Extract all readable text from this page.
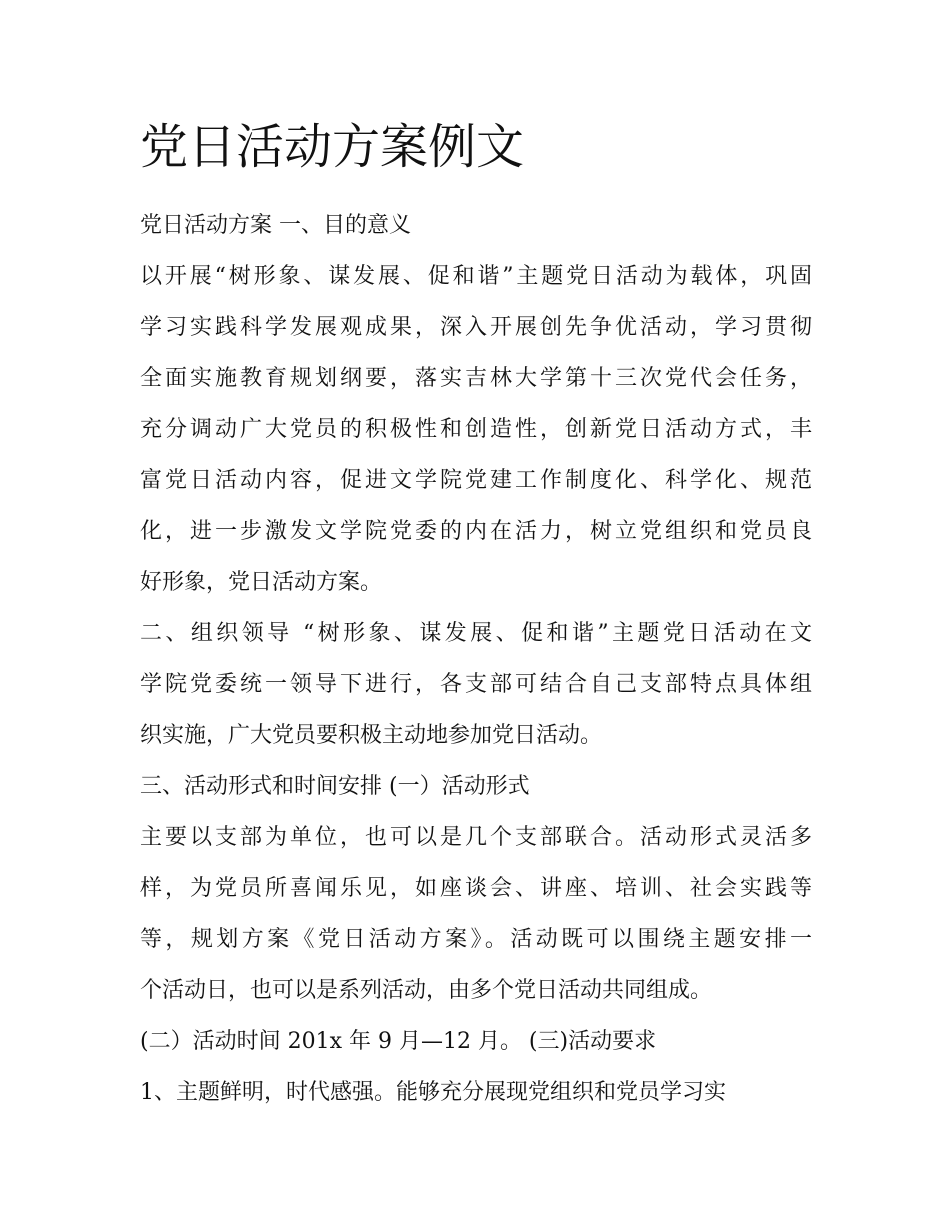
党日活动方案例文
党日活动方案 一、目的意义
以开展“树形象、谋发展、促和谐”主题党日活动为载体，巩固
学习实践科学发展观成果，深入开展创先争优活动，学习贯彻
全面实施教育规划纲要，落实吉林大学第十三次党代会任务，
充分调动广大党员的积极性和创造性，创新党日活动方式，丰
富党日活动内容，促进文学院党建工作制度化、科学化、规范
化，进一步激发文学院党委的内在活力，树立党组织和党员良
好形象，党日活动方案。
二、组织领导 “树形象、谋发展、促和谐”主题党日活动在文
学院党委统一领导下进行，各支部可结合自己支部特点具体组
织实施，广大党员要积极主动地参加党日活动。
三、活动形式和时间安排 (一）活动形式
主要以支部为单位，也可以是几个支部联合。活动形式灵活多
样，为党员所喜闻乐见，如座谈会、讲座、培训、社会实践等
等，规划方案《党日活动方案》。活动既可以围绕主题安排一
个活动日，也可以是系列活动，由多个党日活动共同组成。
(二）活动时间 201x 年 9 月—12 月。 (三)活动要求
1、主题鲜明，时代感强。能够充分展现党组织和党员学习实
